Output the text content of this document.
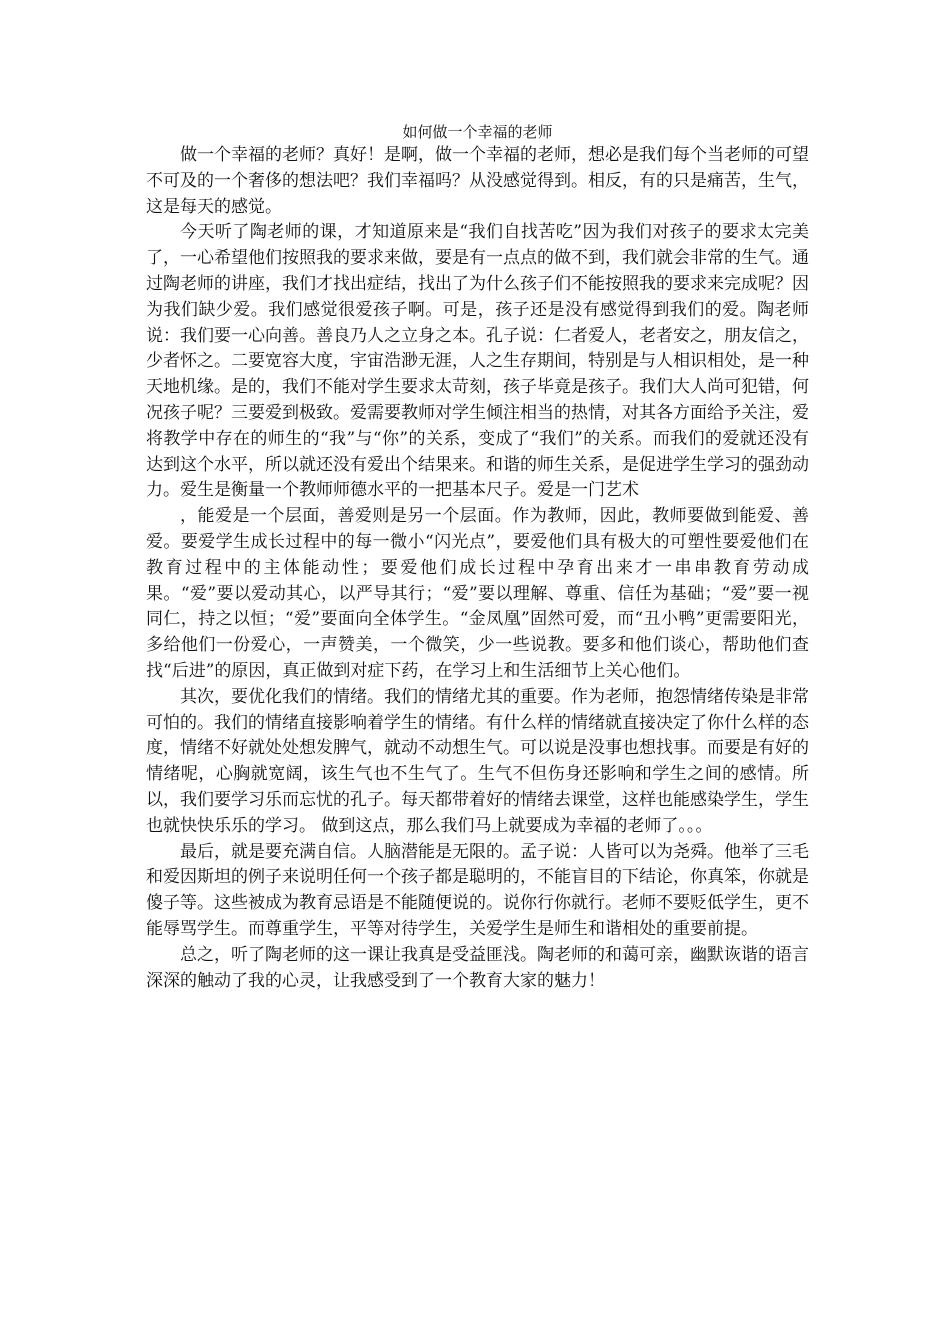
如何做一个幸福的老师

做一个幸福的老师？真好！是啊，做一个幸福的老师，想必是我们每个当老师的可望不可及的一个奢侈的想法吧？我们幸福吗？从没感觉得到。相反，有的只是痛苦，生气，这是每天的感觉。

今天听了陶老师的课，才知道原来是“我们自找苦吃”因为我们对孩子的要求太完美了，一心希望他们按照我的要求来做，要是有一点点的做不到，我们就会非常的生气。通过陶老师的讲座，我们才找出症结，找出了为什么孩子们不能按照我的要求来完成呢？因为我们缺少爱。我们感觉很爱孩子啊。可是，孩子还是没有感觉得到我们的爱。陶老师说：我们要一心向善。善良乃人之立身之本。孔子说：仁者爱人，老者安之，朋友信之，少者怀之。二要宽容大度，宇宙浩渺无涯，人之生存期间，特别是与人相识相处，是一种天地机缘。是的，我们不能对学生要求太苛刻，孩子毕竟是孩子。我们大人尚可犯错，何况孩子呢？三要爱到极致。爱需要教师对学生倾注相当的热情，对其各方面给予关注，爱将教学中存在的师生的“我”与“你”的关系，变成了“我们”的关系。而我们的爱就还没有达到这个水平，所以就还没有爱出个结果来。和谐的师生关系，是促进学生学习的强劲动力。爱生是衡量一个教师师德水平的一把基本尺子。爱是一门艺术

，能爱是一个层面，善爱则是另一个层面。作为教师，因此，教师要做到能爱、善爱。要爱学生成长过程中的每一微小“闪光点”，要爱他们具有极大的可塑性要爱他们在教育过程中的主体能动性；要爱他们成长过程中孕育出来才一串串教育劳动成果。“爱”要以爱动其心，以严导其行；“爱”要以理解、尊重、信任为基础；“爱”要一视同仁，持之以恒；“爱”要面向全体学生。“金凤凰”固然可爱，而“丑小鸭”更需要阳光，多给他们一份爱心，一声赞美，一个微笑，少一些说教。要多和他们谈心，帮助他们查找“后进”的原因，真正做到对症下药，在学习上和生活细节上关心他们。

其次，要优化我们的情绪。我们的情绪尤其的重要。作为老师，抱怨情绪传染是非常可怕的。我们的情绪直接影响着学生的情绪。有什么样的情绪就直接决定了你什么样的态度，情绪不好就处处想发脾气，就动不动想生气。可以说是没事也想找事。而要是有好的情绪呢，心胸就宽阔，该生气也不生气了。生气不但伤身还影响和学生之间的感情。所以，我们要学习乐而忘忧的孔子。每天都带着好的情绪去课堂，这样也能感染学生，学生也就快快乐乐的学习。 做到这点，那么我们马上就要成为幸福的老师了。。。

最后，就是要充满自信。人脑潜能是无限的。孟子说：人皆可以为尧舜。他举了三毛和爱因斯坦的例子来说明任何一个孩子都是聪明的，不能盲目的下结论，你真笨，你就是傻子等。这些被成为教育忌语是不能随便说的。说你行你就行。老师不要贬低学生，更不能辱骂学生。而尊重学生，平等对待学生，关爱学生是师生和谐相处的重要前提。

总之，听了陶老师的这一课让我真是受益匪浅。陶老师的和蔼可亲，幽默诙谐的语言深深的触动了我的心灵，让我感受到了一个教育大家的魅力！
